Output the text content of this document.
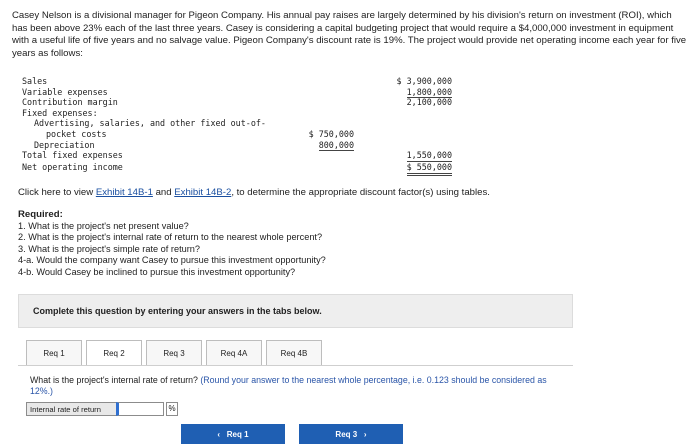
Casey Nelson is a divisional manager for Pigeon Company. His annual pay raises are largely determined by his division's return on investment (ROI), which has been above 23% each of the last three years. Casey is considering a capital budgeting project that would require a $4,000,000 investment in equipment with a useful life of five years and no salvage value. Pigeon Company's discount rate is 19%. The project would provide net operating income each year for five years as follows:

Sales	$ 3,900,000
Variable expenses	1,800,000
Contribution margin	2,100,000
Fixed expenses:
Advertising, salaries, and other fixed out-of-
pocket costs	$ 750,000
Depreciation	800,000
Total fixed expenses	1,550,000
Net operating income	$ 550,000
Click here to view Exhibit 14B-1 and Exhibit 14B-2, to determine the appropriate discount factor(s) using tables.
Required:
1. What is the project's net present value?
2. What is the project's internal rate of return to the nearest whole percent?
3. What is the project's simple rate of return?
4-a. Would the company want Casey to pursue this investment opportunity?
4-b. Would Casey be inclined to pursue this investment opportunity?
Complete this question by entering your answers in the tabs below.
Req 1	Req 2	Req 3	Req 4A	Req 4B
What is the project's internal rate of return? (Round your answer to the nearest whole percentage, i.e. 0.123 should be considered as 12%.)
Internal rate of return	%
‹ Req 1	Req 3 ›
